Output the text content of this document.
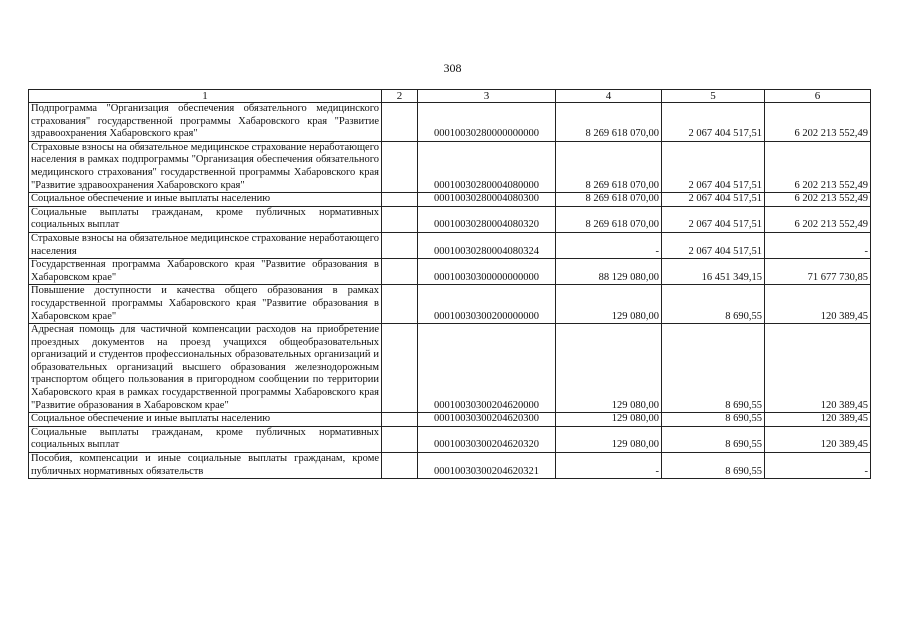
308
1	2	3	4	5	6
Подпрограмма "Организация обеспечения обязательного медицинского страхования" государственной программы Хабаровского края "Развитие здравоохранения Хабаровского края"		00010030280000000000	8 269 618 070,00	2 067 404 517,51	6 202 213 552,49
Страховые взносы на обязательное медицинское страхование неработающего населения в рамках подпрограммы "Организация обеспечения обязательного медицинского страхования" государственной программы Хабаровского края "Развитие здравоохранения Хабаровского края"		00010030280004080000	8 269 618 070,00	2 067 404 517,51	6 202 213 552,49
Социальное обеспечение и иные выплаты населению		00010030280004080300	8 269 618 070,00	2 067 404 517,51	6 202 213 552,49
Социальные выплаты гражданам, кроме публичных нормативных социальных выплат		00010030280004080320	8 269 618 070,00	2 067 404 517,51	6 202 213 552,49
Страховые взносы на обязательное медицинское страхование неработающего населения		00010030280004080324	-	2 067 404 517,51	-
Государственная программа Хабаровского края "Развитие образования в Хабаровском крае"		00010030300000000000	88 129 080,00	16 451 349,15	71 677 730,85
Повышение доступности и качества общего образования в рамках государственной программы Хабаровского края "Развитие образования в Хабаровском крае"		00010030300200000000	129 080,00	8 690,55	120 389,45
Адресная помощь для частичной компенсации расходов на приобретение проездных документов на проезд учащихся общеобразовательных организаций и студентов профессиональных образовательных организаций и образовательных организаций высшего образования железнодорожным транспортом общего пользования в пригородном сообщении по территории Хабаровского края в рамках государственной программы Хабаровского края "Развитие образования в Хабаровском крае"		00010030300204620000	129 080,00	8 690,55	120 389,45
Социальное обеспечение и иные выплаты населению		00010030300204620300	129 080,00	8 690,55	120 389,45
Социальные выплаты гражданам, кроме публичных нормативных социальных выплат		00010030300204620320	129 080,00	8 690,55	120 389,45
Пособия, компенсации и иные социальные выплаты гражданам, кроме публичных нормативных обязательств		00010030300204620321	-	8 690,55	-
